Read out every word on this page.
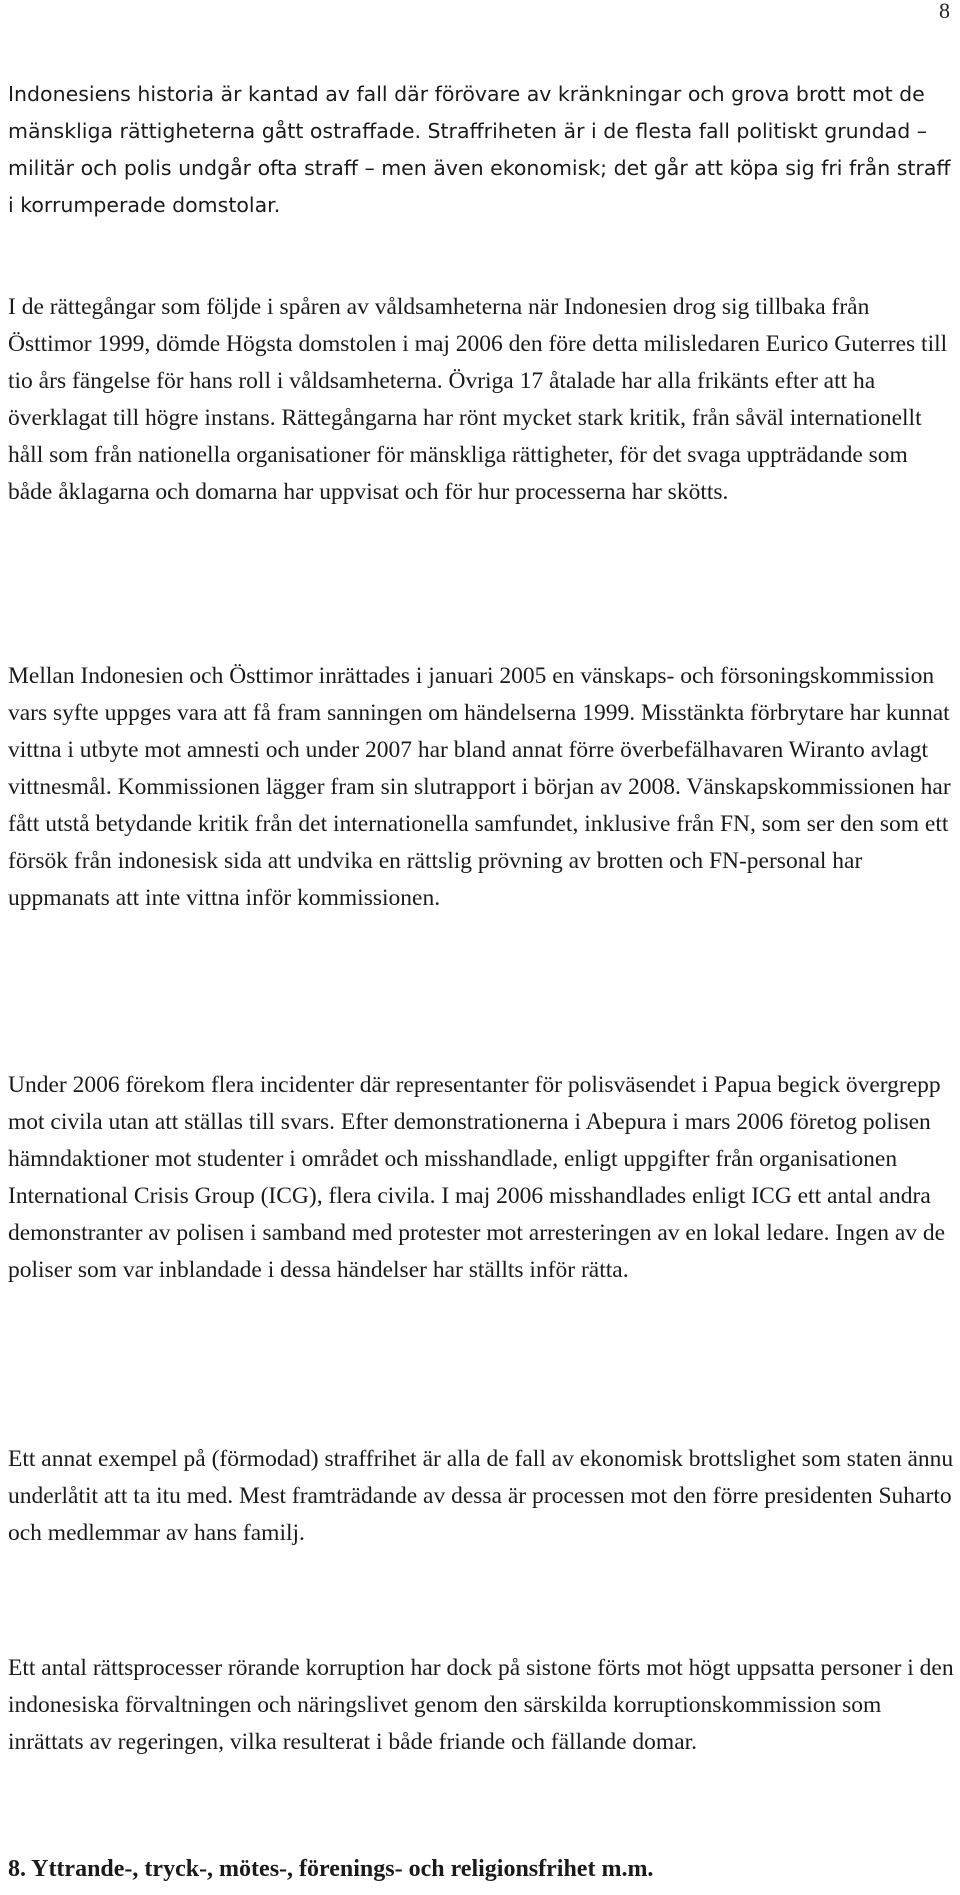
8

Indonesiens historia är kantad av fall där förövare av kränkningar och grova brott mot de mänskliga rättigheterna gått ostraffade. Straffriheten är i de flesta fall politiskt grundad – militär och polis undgår ofta straff – men även ekonomisk; det går att köpa sig fri från straff i korrumperade domstolar.

I de rättegångar som följde i spåren av våldsamheterna när Indonesien drog sig tillbaka från Östtimor 1999, dömde Högsta domstolen i maj 2006 den före detta milisledaren Eurico Guterres till tio års fängelse för hans roll i våldsamheterna. Övriga 17 åtalade har alla frikänts efter att ha överklagat till högre instans. Rättegångarna har rönt mycket stark kritik, från såväl internationellt håll som från nationella organisationer för mänskliga rättigheter, för det svaga uppträdande som både åklagarna och domarna har uppvisat och för hur processerna har skötts.

Mellan Indonesien och Östtimor inrättades i januari 2005 en vänskaps- och försoningskommission vars syfte uppges vara att få fram sanningen om händelserna 1999. Misstänkta förbrytare har kunnat vittna i utbyte mot amnesti och under 2007 har bland annat förre överbefälhavaren Wiranto avlagt vittnesmål. Kommissionen lägger fram sin slutrapport i början av 2008. Vänskapskommissionen har fått utstå betydande kritik från det internationella samfundet, inklusive från FN, som ser den som ett försök från indonesisk sida att undvika en rättslig prövning av brotten och FN-personal har uppmanats att inte vittna inför kommissionen.

Under 2006 förekom flera incidenter där representanter för polisväsendet i Papua begick övergrepp mot civila utan att ställas till svars. Efter demonstrationerna i Abepura i mars 2006 företog polisen hämndaktioner mot studenter i området och misshandlade, enligt uppgifter från organisationen International Crisis Group (ICG), flera civila. I maj 2006 misshandlades enligt ICG ett antal andra demonstranter av polisen i samband med protester mot arresteringen av en lokal ledare. Ingen av de poliser som var inblandade i dessa händelser har ställts inför rätta.

Ett annat exempel på (förmodad) straffrihet är alla de fall av ekonomisk brottslighet som staten ännu underlåtit att ta itu med. Mest framträdande av dessa är processen mot den förre presidenten Suharto och medlemmar av hans familj.

Ett antal rättsprocesser rörande korruption har dock på sistone förts mot högt uppsatta personer i den indonesiska förvaltningen och näringslivet genom den särskilda korruptionskommission som inrättats av regeringen, vilka resulterat i både friande och fällande domar.

8. Yttrande-, tryck-, mötes-, förenings- och religionsfrihet m.m.
